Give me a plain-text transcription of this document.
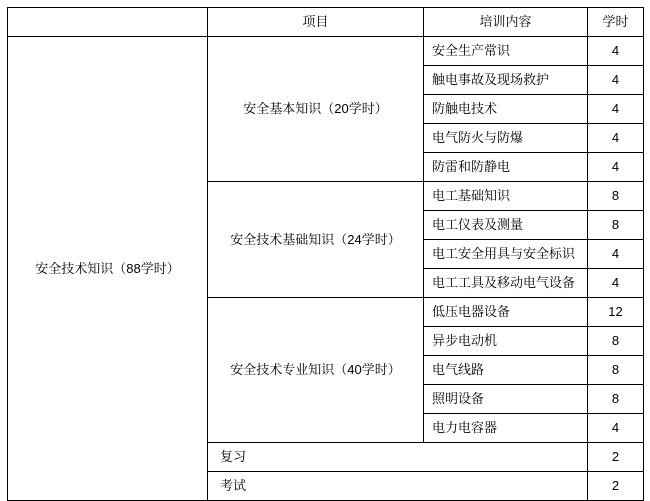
	项目	培训内容	学时
安全技术知识（88学时）	安全基本知识（20学时）	安全生产常识	4
		触电事故及现场救护	4
		防触电技术	4
		电气防火与防爆	4
		防雷和防静电	4
	安全技术基础知识（24学时）	电工基础知识	8
		电工仪表及测量	8
		电工安全用具与安全标识	4
		电工工具及移动电气设备	4
	安全技术专业知识（40学时）	低压电器设备	12
		异步电动机	8
		电气线路	8
		照明设备	8
		电力电容器	4
	复习		2
	考试		2
